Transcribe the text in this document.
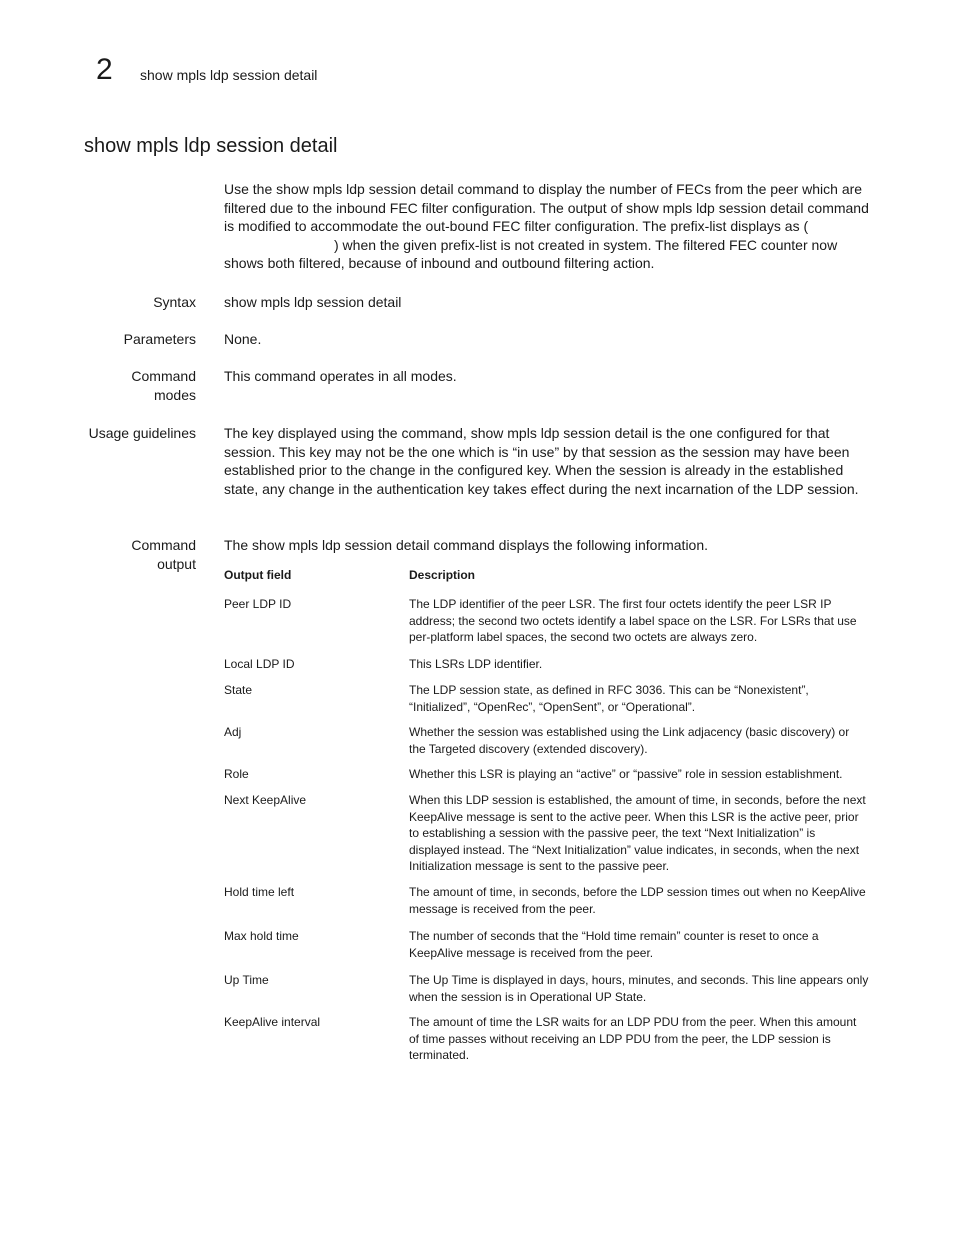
2 show mpls ldp session detail
show mpls ldp session detail
Use the show mpls ldp session detail command to display the number of FECs from the peer which are filtered due to the inbound FEC filter configuration. The output of show mpls ldp session detail command is modified to accommodate the out-bound FEC filter configuration. The prefix-list displays as () when the given prefix-list is not created in system. The filtered FEC counter now shows both filtered, because of inbound and outbound filtering action.
Syntax show mpls ldp session detail
Parameters None.
Command
modes
This command operates in all modes.
Usage guidelines The key displayed using the command, show mpls ldp session detail is the one configured for that session. This key may not be the one which is “in use” by that session as the session may have been established prior to the change in the configured key. When the session is already in the established state, any change in the authentication key takes effect during the next incarnation of the LDP session.
Command
output
The show mpls ldp session detail command displays the following information.
Output field	Description
Peer LDP ID	The LDP identifier of the peer LSR. The first four octets identify the peer LSR IP address; the second two octets identify a label space on the LSR. For LSRs that use per-platform label spaces, the second two octets are always zero.
Local LDP ID	This LSRs LDP identifier.
State	The LDP session state, as defined in RFC 3036. This can be “Nonexistent”, “Initialized”, “OpenRec”, “OpenSent”, or “Operational”.
Adj	Whether the session was established using the Link adjacency (basic discovery) or the Targeted discovery (extended discovery).
Role	Whether this LSR is playing an “active” or “passive” role in session establishment.
Next KeepAlive	When this LDP session is established, the amount of time, in seconds, before the next KeepAlive message is sent to the active peer. When this LSR is the active peer, prior to establishing a session with the passive peer, the text “Next Initialization” is displayed instead. The “Next Initialization” value indicates, in seconds, when the next Initialization message is sent to the passive peer.
Hold time left	The amount of time, in seconds, before the LDP session times out when no KeepAlive message is received from the peer.
Max hold time	The number of seconds that the “Hold time remain” counter is reset to once a KeepAlive message is received from the peer.
Up Time	The Up Time is displayed in days, hours, minutes, and seconds. This line appears only when the session is in Operational UP State.
KeepAlive interval	The amount of time the LSR waits for an LDP PDU from the peer. When this amount of time passes without receiving an LDP PDU from the peer, the LDP session is terminated.
